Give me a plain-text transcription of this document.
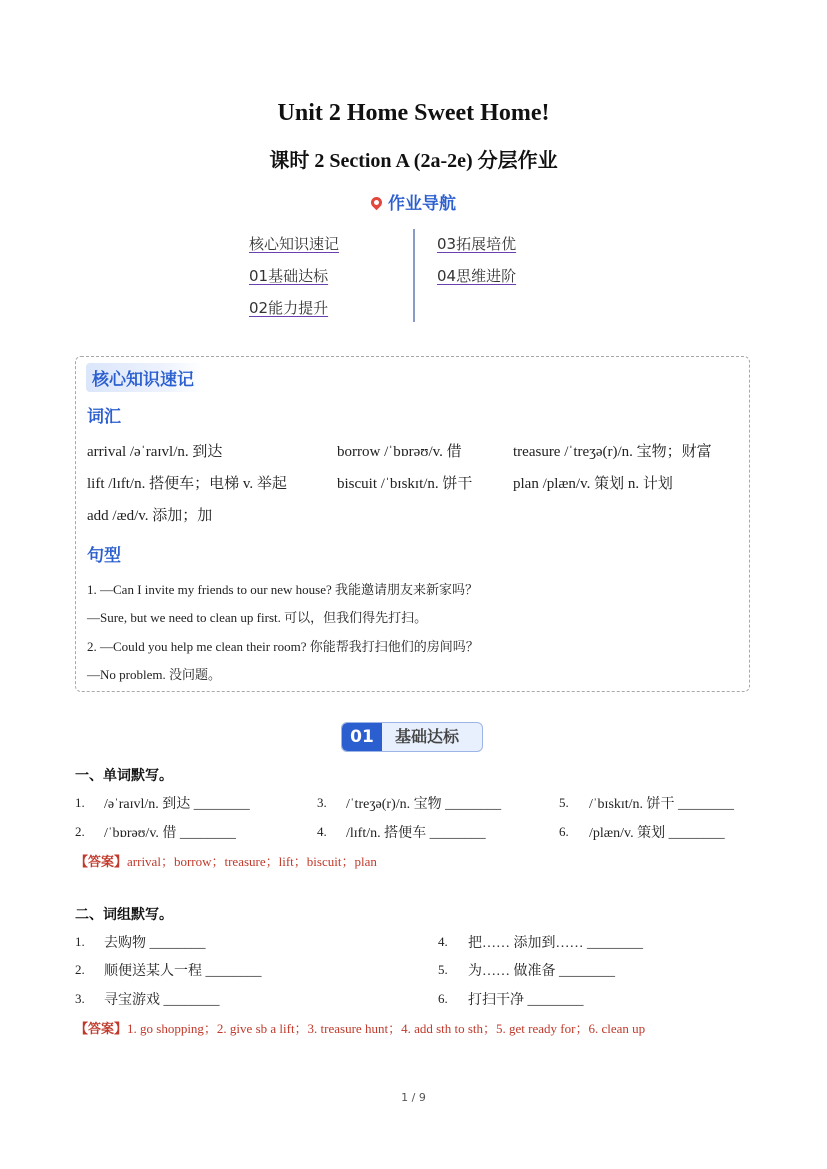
Unit 2 Home Sweet Home!
课时 2 Section A (2a-2e) 分层作业
作业导航
核心知识速记
01基础达标
02能力提升
03拓展培优
04思维进阶
核心知识速记
词汇
arrival /əˈraɪvl/n. 到达	borrow /ˈbɒrəʊ/v. 借	treasure /ˈtreʒə(r)/n. 宝物；财富
lift /lɪft/n. 搭便车；电梯 v. 举起	biscuit /ˈbɪskɪt/n. 饼干	plan /plæn/v. 策划 n. 计划
add /æd/v. 添加；加
句型
1. —Can I invite my friends to our new house? 我能邀请朋友来新家吗？
—Sure, but we need to clean up first. 可以，但我们得先打扫。
2. —Could you help me clean their room? 你能帮我打扫他们的房间吗？
—No problem. 没问题。
01	基础达标
一、单词默写。
1. /əˈraɪvl/n. 到达 ________	3. /ˈtreʒə(r)/n. 宝物 ________	5. /ˈbɪskɪt/n. 饼干 ________
2. /ˈbɒrəʊ/v. 借 ________	4. /lɪft/n. 搭便车 ________	6. /plæn/v. 策划 ________
【答案】arrival；borrow；treasure；lift；biscuit；plan
二、词组默写。
1. 去购物 ________	4. 把…… 添加到…… ________
2. 顺便送某人一程 ________	5. 为…… 做准备 ________
3. 寻宝游戏 ________	6. 打扫干净 ________
【答案】1. go shopping；2. give sb a lift；3. treasure hunt；4. add sth to sth；5. get ready for；6. clean up
1 / 9
